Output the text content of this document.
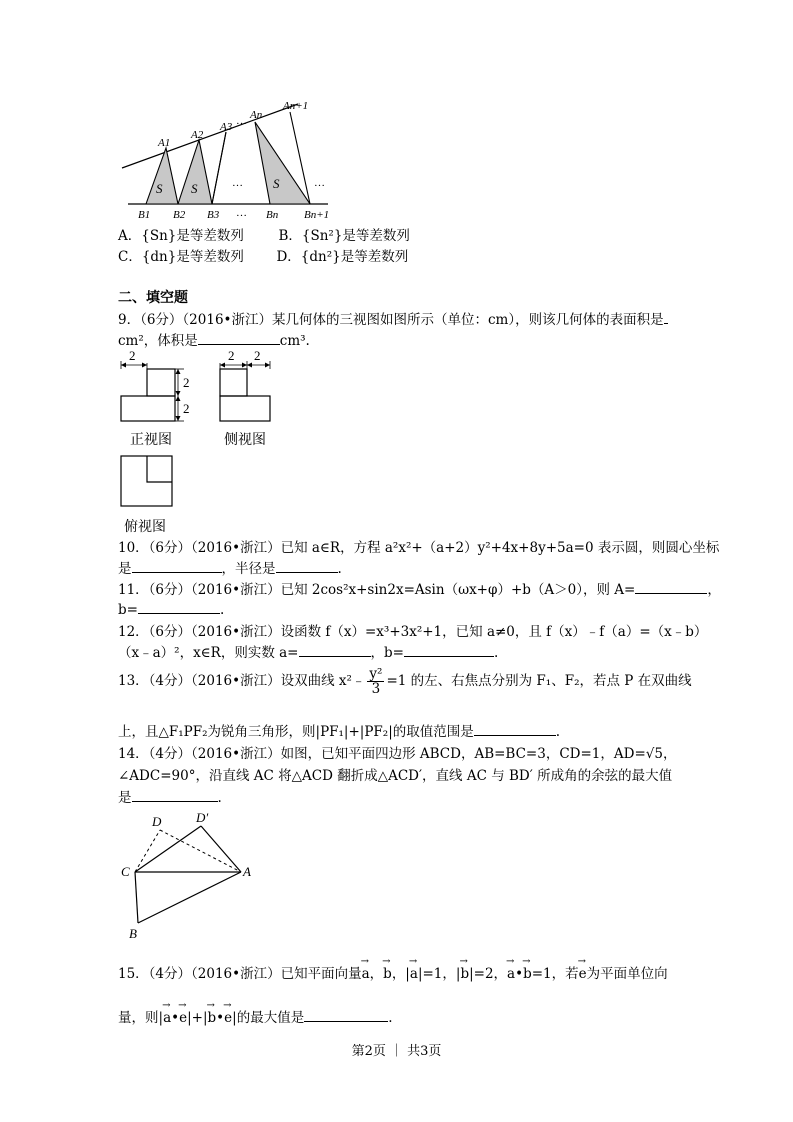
S S	S
…	…
…
A1
A2
A3 … An
An+1
B1 B2 B3	Bn Bn+1
A．{Sn}是等差数列	B．{Sn²}是等差数列
C．{dn}是等差数列 D．{dn²}是等差数列
二、填空题
9．（6分）（2016•浙江）某几何体的三视图如图所示（单位：cm），则该几何体的表面积是
cm²，体积是	cm³.
2
2
2
2 2
正视图	侧视图
俯视图
10．（6分）（2016•浙江）已知 a∈R，方程 a²x²+（a+2）y²+4x+8y+5a=0 表示圆，则圆心坐标
是	，半径是	.
11．（6分）（2016•浙江）已知 2cos²x+sin2x=Asin（ωx+φ）+b（A＞0），则 A=	，
b=	.
12．（6分）（2016•浙江）设函数 f（x）=x³+3x²+1，已知 a≠0，且 f（x）﹣f（a）=（x﹣b）
（x﹣a）²，x∈R，则实数 a=	，b=	.
13．（4分）（2016•浙江）设双曲线 x²﹣ $\frac{\text{y²}}{3} =1$ 的左、右焦点分别为 F₁、F₂，若点 P 在双曲线
上，且△F₁PF₂为锐角三角形，则|PF₁|+|PF₂|的取值范围是	.
14．（4分）（2016•浙江）如图，已知平面四边形 ABCD，AB=BC=3，CD=1，AD=√5，
∠ADC=90°，沿直线 AC 将△ACD 翻折成△ACD′，直线 AC 与 BD′ 所成角的余弦的最大值
是	.
D	D′
C	A
B
15．（4分）（2016•浙江）已知平面向量→ a，→ b，|→ a|=1，|→ b|=2，→ a•→ b=1，若→ e为平面单位向
量，则|→ a•→ e|+|→ b•→ e|的最大值是	.
第2页 ｜ 共3页
